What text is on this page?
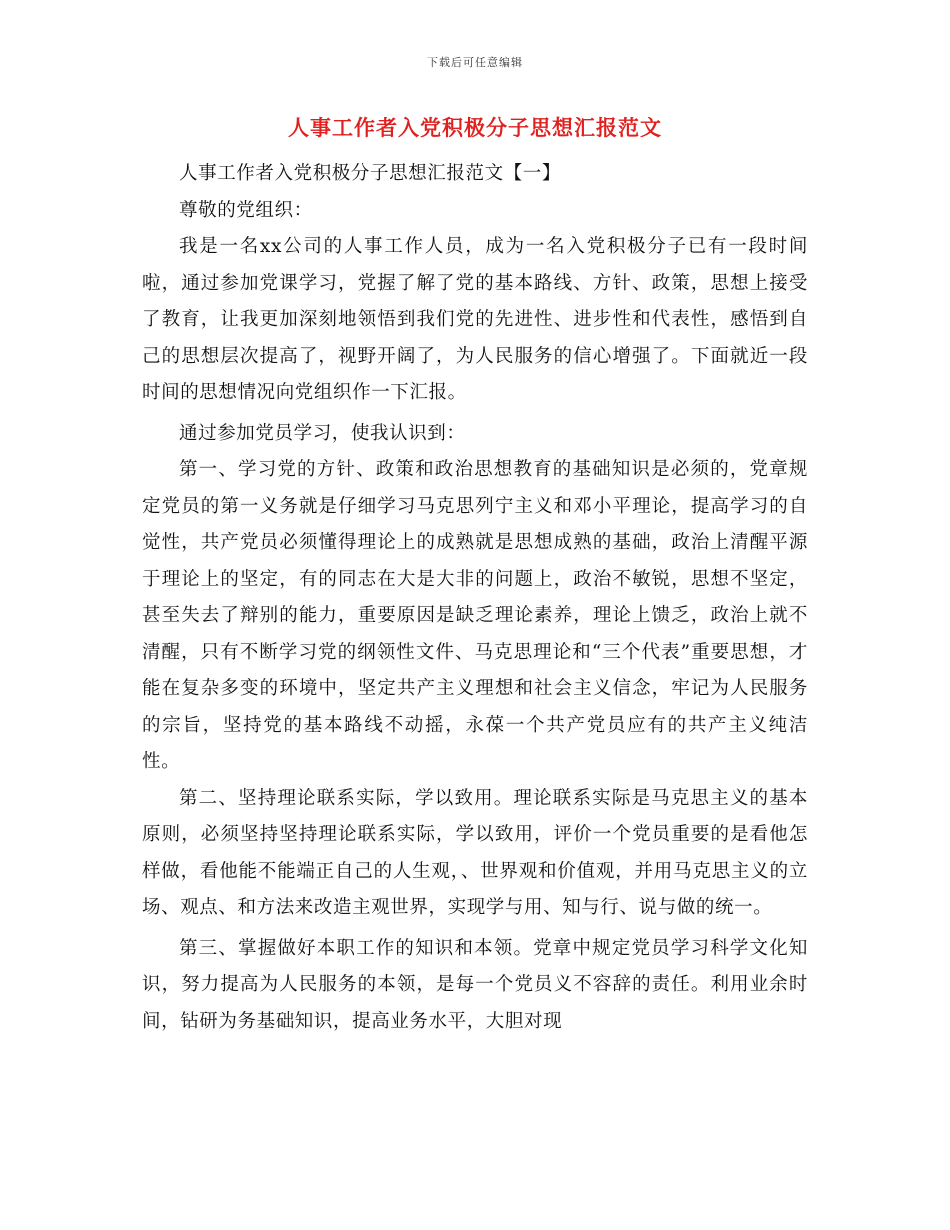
下载后可任意编辑
人事工作者入党积极分子思想汇报范文

人事工作者入党积极分子思想汇报范文【一】

尊敬的党组织：

我是一名xx公司的人事工作人员，成为一名入党积极分子已有一段时间啦，通过参加党课学习，党握了解了党的基本路线、方针、政策，思想上接受了教育，让我更加深刻地领悟到我们党的先进性、进步性和代表性，感悟到自己的思想层次提高了，视野开阔了，为人民服务的信心增强了。下面就近一段时间的思想情况向党组织作一下汇报。

通过参加党员学习，使我认识到：

第一、学习党的方针、政策和政治思想教育的基础知识是必须的，党章规定党员的第一义务就是仔细学习马克思列宁主义和邓小平理论，提高学习的自觉性，共产党员必须懂得理论上的成熟就是思想成熟的基础，政治上清醒平源于理论上的坚定，有的同志在大是大非的问题上，政治不敏锐，思想不坚定，甚至失去了辩别的能力，重要原因是缺乏理论素养，理论上馈乏，政治上就不清醒，只有不断学习党的纲领性文件、马克思理论和“三个代表”重要思想，才能在复杂多变的环境中，坚定共产主义理想和社会主义信念，牢记为人民服务的宗旨，坚持党的基本路线不动摇，永葆一个共产党员应有的共产主义纯洁性。

第二、坚持理论联系实际，学以致用。理论联系实际是马克思主义的基本原则，必须坚持坚持理论联系实际，学以致用，评价一个党员重要的是看他怎样做，看他能不能端正自己的人生观，、世界观和价值观，并用马克思主义的立场、观点、和方法来改造主观世界，实现学与用、知与行、说与做的统一。

第三、掌握做好本职工作的知识和本领。党章中规定党员学习科学文化知识，努力提高为人民服务的本领，是每一个党员义不容辞的责任。利用业余时间，钻研为务基础知识，提高业务水平，大胆对现
